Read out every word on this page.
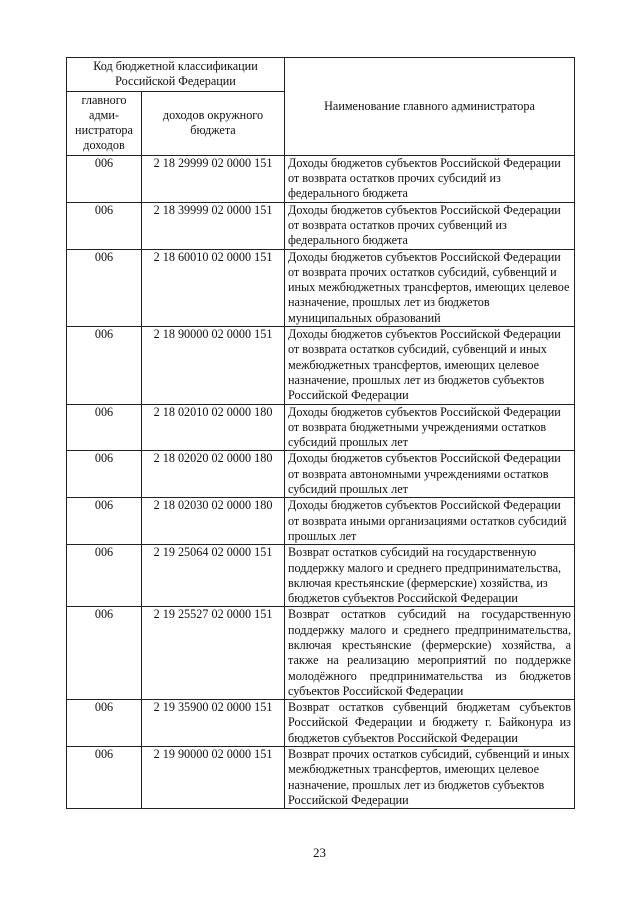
Код бюджетной классификации Российской Федерации		Наименование главного администратора
главного адми-нистратора доходов	доходов окружного бюджета	
006	2 18 29999 02 0000 151	Доходы бюджетов субъектов Российской Федерации от возврата остатков прочих субсидий из федерального бюджета
006	2 18 39999 02 0000 151	Доходы бюджетов субъектов Российской Федерации от возврата остатков прочих субвенций из федерального бюджета
006	2 18 60010 02 0000 151	Доходы бюджетов субъектов Российской Федерации от возврата прочих остатков субсидий, субвенций и иных межбюджетных трансфертов, имеющих целевое назначение, прошлых лет из бюджетов муниципальных образований
006	2 18 90000 02 0000 151	Доходы бюджетов субъектов Российской Федерации от возврата остатков субсидий, субвенций и иных межбюджетных трансфертов, имеющих целевое назначение, прошлых лет из бюджетов субъектов Российской Федерации
006	2 18 02010 02 0000 180	Доходы бюджетов субъектов Российской Федерации от возврата бюджетными учреждениями остатков субсидий прошлых лет
006	2 18 02020 02 0000 180	Доходы бюджетов субъектов Российской Федерации от возврата автономными учреждениями остатков субсидий прошлых лет
006	2 18 02030 02 0000 180	Доходы бюджетов субъектов Российской Федерации от возврата иными организациями остатков субсидий прошлых лет
006	2 19 25064 02 0000 151	Возврат остатков субсидий на государственную поддержку малого и среднего предпринимательства, включая крестьянские (фермерские) хозяйства, из бюджетов субъектов Российской Федерации
006	2 19 25527 02 0000 151	Возврат остатков субсидий на государственную поддержку малого и среднего предпринимательства, включая крестьянские (фермерские) хозяйства, а также на реализацию мероприятий по поддержке молодёжного предпринимательства из бюджетов субъектов Российской Федерации
006	2 19 35900 02 0000 151	Возврат остатков субвенций бюджетам субъектов Российской Федерации и бюджету г. Байконура из бюджетов субъектов Российской Федерации
006	2 19 90000 02 0000 151	Возврат прочих остатков субсидий, субвенций и иных межбюджетных трансфертов, имеющих целевое назначение, прошлых лет из бюджетов субъектов Российской Федерации
23
